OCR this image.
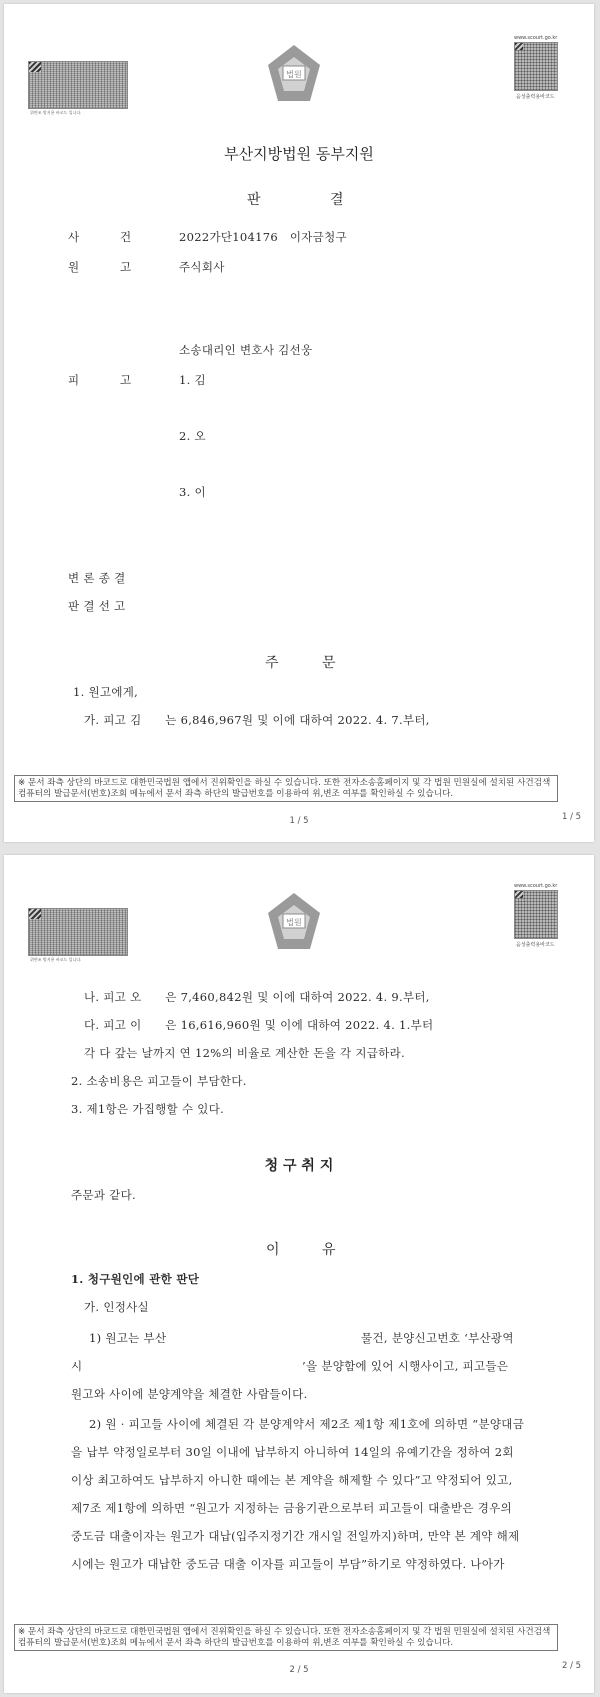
위변조 방지용 바코드 입니다.
법원
www.scourt.go.kr
음성출력용바코드
부산지방법원 동부지원
판	결
사	건	2022가단104176   이자금청구
원	고	주식회사
소송대리인 변호사 김선웅
피	고	1. 김
2. 오
3. 이
변 론 종 결
판 결 선 고
주	문
1. 원고에게,
가. 피고 김      는 6,846,967원 및 이에 대하여 2022. 4. 7.부터,
※ 문서 좌측 상단의 바코드로 대한민국법원 앱에서 진위확인을 하실 수 있습니다. 또한 전자소송홈페이지 및 각 법원 민원실에 설치된 사건검색 컴퓨터의 발급문서(번호)조회 메뉴에서 문서 좌측 하단의 발급번호를 이용하여 위,변조 여부를 확인하실 수 있습니다.
1 / 5	1 / 5
위변조 방지용 바코드 입니다.
법원
www.scourt.go.kr
음성출력용바코드
나. 피고 오      은 7,460,842원 및 이에 대하여 2022. 4. 9.부터,
다. 피고 이      은 16,616,960원 및 이에 대하여 2022. 4. 1.부터
각 다 갚는 날까지 연 12%의 비율로 계산한 돈을 각 지급하라.
2. 소송비용은 피고들이 부담한다.
3. 제1항은 가집행할 수 있다.
청 구 취 지
주문과 같다.
이	유
1. 청구원인에 관한 판단
가. 인정사실
1) 원고는 부산	물건, 분양신고번호 ‘부산광역
시	’을 분양함에 있어 시행사이고, 피고들은
원고와 사이에 분양계약을 체결한 사람들이다.
2) 원 · 피고들 사이에 체결된 각 분양계약서 제2조 제1항 제1호에 의하면 “분양대금
을 납부 약정일로부터 30일 이내에 납부하지 아니하여 14일의 유예기간을 정하여 2회
이상 최고하여도 납부하지 아니한 때에는 본 계약을 해제할 수 있다”고 약정되어 있고,
제7조 제1항에 의하면 “원고가 지정하는 금융기관으로부터 피고들이 대출받은 경우의
중도금 대출이자는 원고가 대납(입주지정기간 개시일 전일까지)하며, 만약 본 계약 해제
시에는 원고가 대납한 중도금 대출 이자를 피고들이 부담”하기로 약정하였다. 나아가
※ 문서 좌측 상단의 바코드로 대한민국법원 앱에서 진위확인을 하실 수 있습니다. 또한 전자소송홈페이지 및 각 법원 민원실에 설치된 사건검색 컴퓨터의 발급문서(번호)조회 메뉴에서 문서 좌측 하단의 발급번호를 이용하여 위,변조 여부를 확인하실 수 있습니다.
2 / 5	2 / 5
